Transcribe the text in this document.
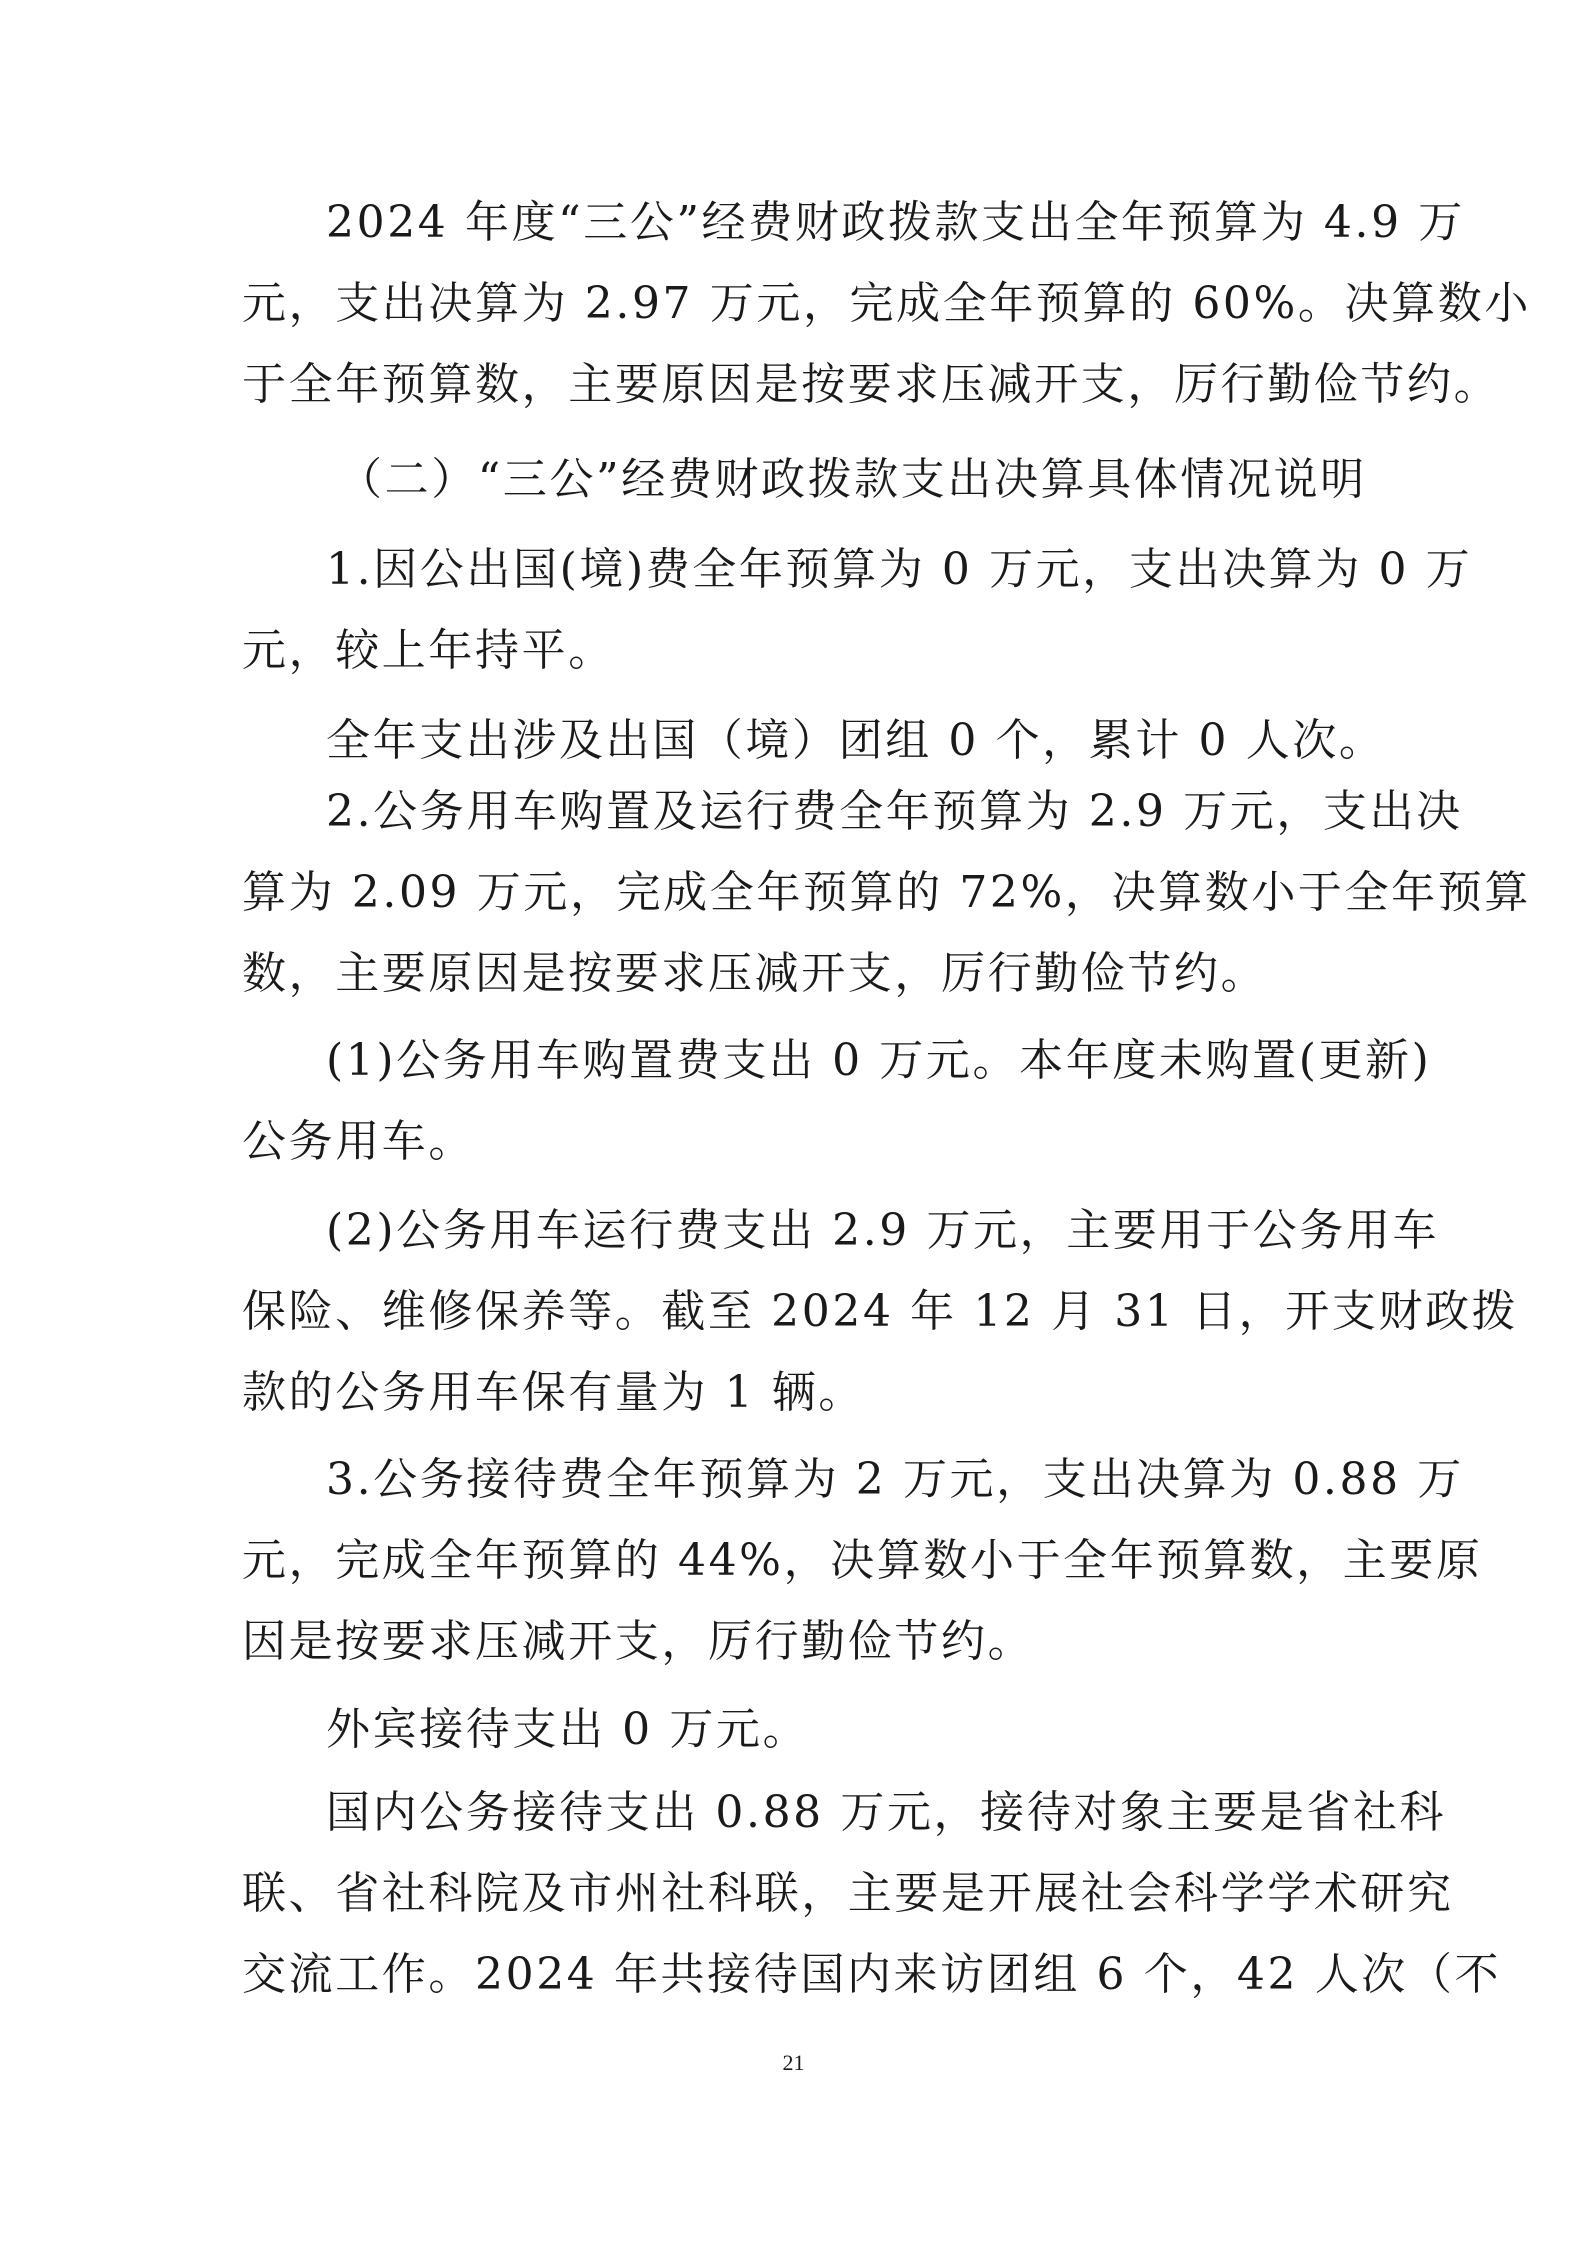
2024 年度“三公”经费财政拨款支出全年预算为 4.9 万
元，支出决算为 2.97 万元，完成全年预算的 60%。决算数小
于全年预算数，主要原因是按要求压减开支，厉行勤俭节约。
（二）“三公”经费财政拨款支出决算具体情况说明
1.因公出国(境)费全年预算为 0 万元，支出决算为 0 万
元，较上年持平。
全年支出涉及出国（境）团组 0 个，累计 0 人次。
2.公务用车购置及运行费全年预算为 2.9 万元，支出决
算为 2.09 万元，完成全年预算的 72%，决算数小于全年预算
数，主要原因是按要求压减开支，厉行勤俭节约。
(1)公务用车购置费支出 0 万元。本年度未购置(更新)
公务用车。
(2)公务用车运行费支出 2.9 万元，主要用于公务用车
保险、维修保养等。截至 2024 年 12 月 31 日，开支财政拨
款的公务用车保有量为 1 辆。
3.公务接待费全年预算为 2 万元，支出决算为 0.88 万
元，完成全年预算的 44%，决算数小于全年预算数，主要原
因是按要求压减开支，厉行勤俭节约。
外宾接待支出 0 万元。
国内公务接待支出 0.88 万元，接待对象主要是省社科
联、省社科院及市州社科联，主要是开展社会科学学术研究
交流工作。2024 年共接待国内来访团组 6 个，42 人次（不
21
